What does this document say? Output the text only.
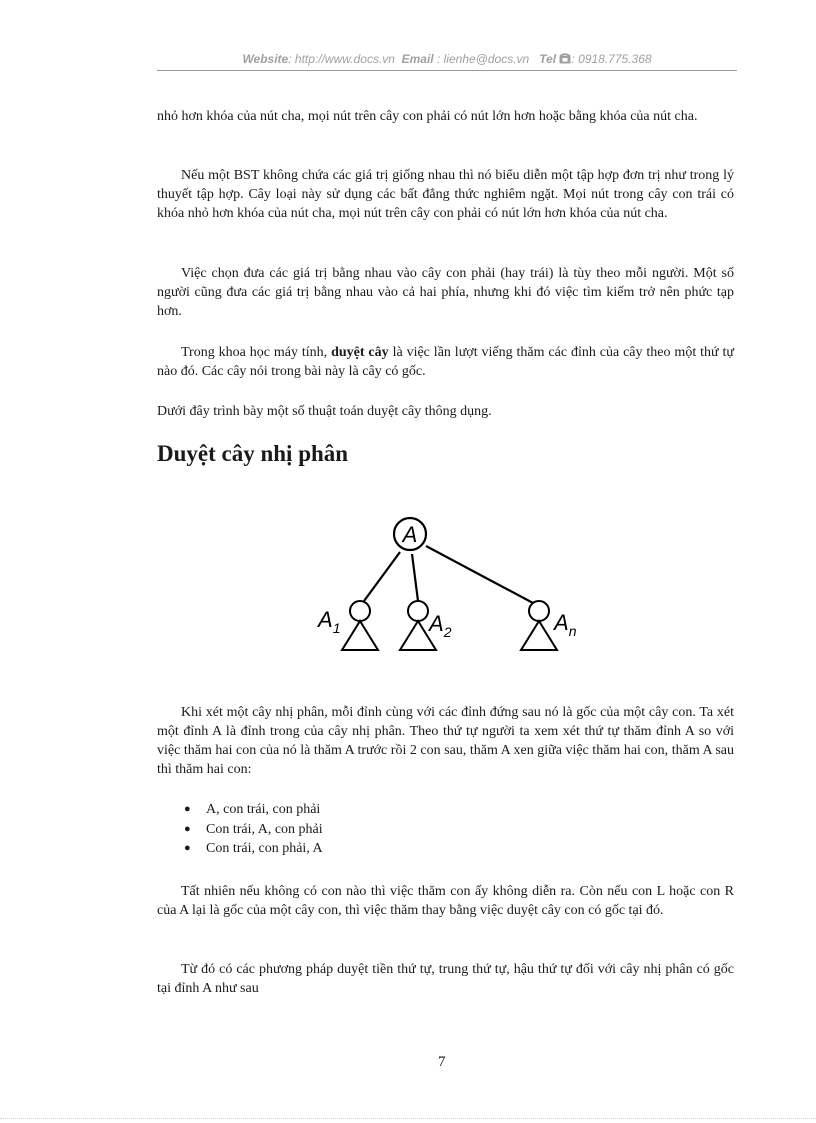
Website: http://www.docs.vn Email : lienhe@docs.vn Tel : 0918.775.368

nhỏ hơn khóa của nút cha, mọi nút trên cây con phải có nút lớn hơn hoặc bằng khóa của nút cha.

Nếu một BST không chứa các giá trị giống nhau thì nó biểu diễn một tập hợp đơn trị như trong lý thuyết tập hợp. Cây loại này sử dụng các bất đẳng thức nghiêm ngặt. Mọi nút trong cây con trái có khóa nhỏ hơn khóa của nút cha, mọi nút trên cây con phải có nút lớn hơn khóa của nút cha.

Việc chọn đưa các giá trị bằng nhau vào cây con phải (hay trái) là tùy theo mỗi người. Một số người cũng đưa các giá trị bằng nhau vào cả hai phía, nhưng khi đó việc tìm kiếm trở nên phức tạp hơn.

Trong khoa học máy tính, duyệt cây là việc lần lượt viếng thăm các đỉnh của cây theo một thứ tự nào đó. Các cây nói trong bài này là cây có gốc.

Dưới đây trình bày một số thuật toán duyệt cây thông dụng.

Duyệt cây nhị phân
A
$A_1$	$A_2$	$A_n$

Khi xét một cây nhị phân, mỗi đỉnh cùng với các đỉnh đứng sau nó là gốc của một cây con. Ta xét một đỉnh A là đỉnh trong của cây nhị phân. Theo thứ tự người ta xem xét thứ tự thăm đỉnh A so với việc thăm hai con của nó là thăm A trước rồi 2 con sau, thăm A xen giữa việc thăm hai con, thăm A sau thì thăm hai con:

● A, con trái, con phải
● Con trái, A, con phải
● Con trái, con phải, A

Tất nhiên nếu không có con nào thì việc thăm con ấy không diễn ra. Còn nếu con L hoặc con R của A lại là gốc của một cây con, thì việc thăm thay bằng việc duyệt cây con có gốc tại đó.

Từ đó có các phương pháp duyệt tiền thứ tự, trung thứ tự, hậu thứ tự đối với cây nhị phân có gốc tại đỉnh A như sau

7
